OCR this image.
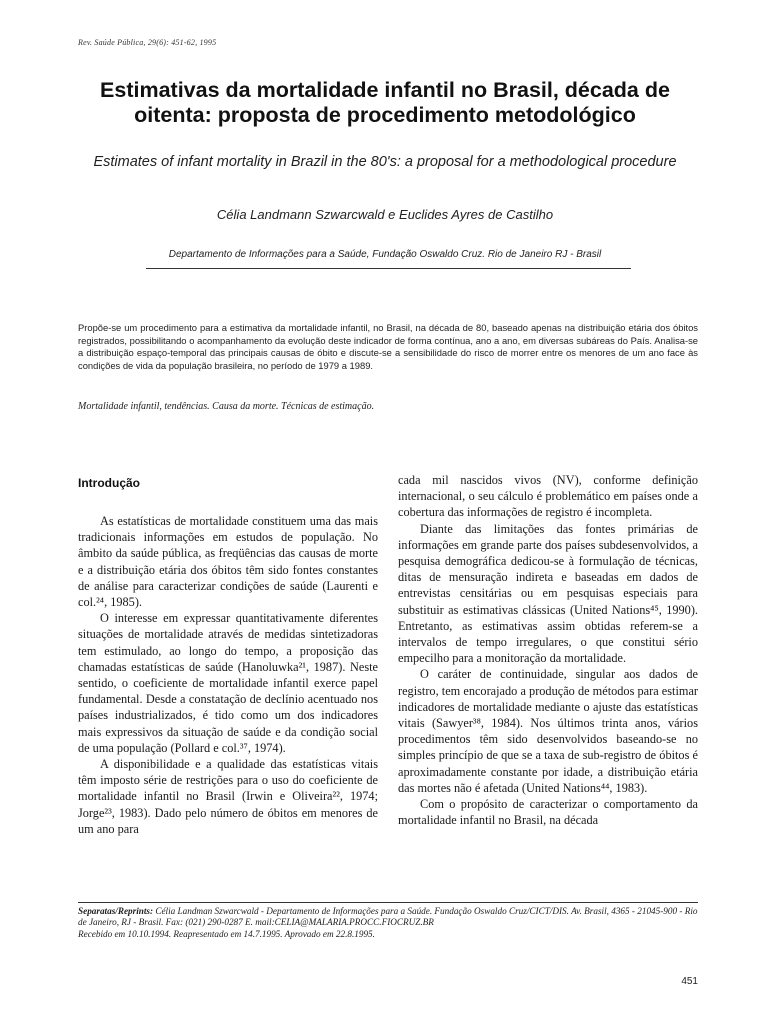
Rev. Saúde Pública, 29(6): 451-62, 1995
Estimativas da mortalidade infantil no Brasil, década de oitenta: proposta de procedimento metodológico
Estimates of infant mortality in Brazil in the 80's: a proposal for a methodological procedure
Célia Landmann Szwarcwald e Euclides Ayres de Castilho
Departamento de Informações para a Saúde, Fundação Oswaldo Cruz. Rio de Janeiro RJ - Brasil
Propõe-se um procedimento para a estimativa da mortalidade infantil, no Brasil, na década de 80, baseado apenas na distribuição etária dos óbitos registrados, possibilitando o acompanhamento da evolução deste indicador de forma contínua, ano a ano, em diversas subáreas do País. Analisa-se a distribuição espaço-temporal das principais causas de óbito e discute-se a sensibilidade do risco de morrer entre os menores de um ano face às condições de vida da população brasileira, no período de 1979 a 1989.
Mortalidade infantil, tendências. Causa da morte. Técnicas de estimação.
Introdução

As estatísticas de mortalidade constituem uma das mais tradicionais informações em estudos de população. No âmbito da saúde pública, as freqüências das causas de morte e a distribuição etária dos óbitos têm sido fontes constantes de análise para caracterizar condições de saúde (Laurenti e col.²⁴, 1985).

O interesse em expressar quantitativamente diferentes situações de mortalidade através de medidas sintetizadoras tem estimulado, ao longo do tempo, a proposição das chamadas estatísticas de saúde (Hanoluwka²¹, 1987). Neste sentido, o coeficiente de mortalidade infantil exerce papel fundamental. Desde a constatação de declínio acentuado nos países industrializados, é tido como um dos indicadores mais expressivos da situação de saúde e da condição social de uma população (Pollard e col.³⁷, 1974).

A disponibilidade e a qualidade das estatísticas vitais têm imposto série de restrições para o uso do coeficiente de mortalidade infantil no Brasil (Irwin e Oliveira²², 1974; Jorge²³, 1983). Dado pelo número de óbitos em menores de um ano para

cada mil nascidos vivos (NV), conforme definição internacional, o seu cálculo é problemático em países onde a cobertura das informações de registro é incompleta.

Diante das limitações das fontes primárias de informações em grande parte dos países subdesenvolvidos, a pesquisa demográfica dedicou-se à formulação de técnicas, ditas de mensuração indireta e baseadas em dados de entrevistas censitárias ou em pesquisas especiais para substituir as estimativas clássicas (United Nations⁴⁵, 1990). Entretanto, as estimativas assim obtidas referem-se a intervalos de tempo irregulares, o que constitui sério empecilho para a monitoração da mortalidade.

O caráter de continuidade, singular aos dados de registro, tem encorajado a produção de métodos para estimar indicadores de mortalidade mediante o ajuste das estatísticas vitais (Sawyer³⁸, 1984). Nos últimos trinta anos, vários procedimentos têm sido desenvolvidos baseando-se no simples princípio de que se a taxa de sub-registro de óbitos é aproximadamente constante por idade, a distribuição etária das mortes não é afetada (United Nations⁴⁴, 1983).

Com o propósito de caracterizar o comportamento da mortalidade infantil no Brasil, na década

Separatas/Reprints: Célia Landman Szwarcwald - Departamento de Informações para a Saúde. Fundação Oswaldo Cruz/CICT/DIS. Av. Brasil, 4365 - 21045-900 - Rio de Janeiro, RJ - Brasil. Fax: (021) 290-0287 E. mail:CELIA@MALARIA.PROCC.FIOCRUZ.BR
Recebido em 10.10.1994. Reapresentado em 14.7.1995. Aprovado em 22.8.1995.
451
